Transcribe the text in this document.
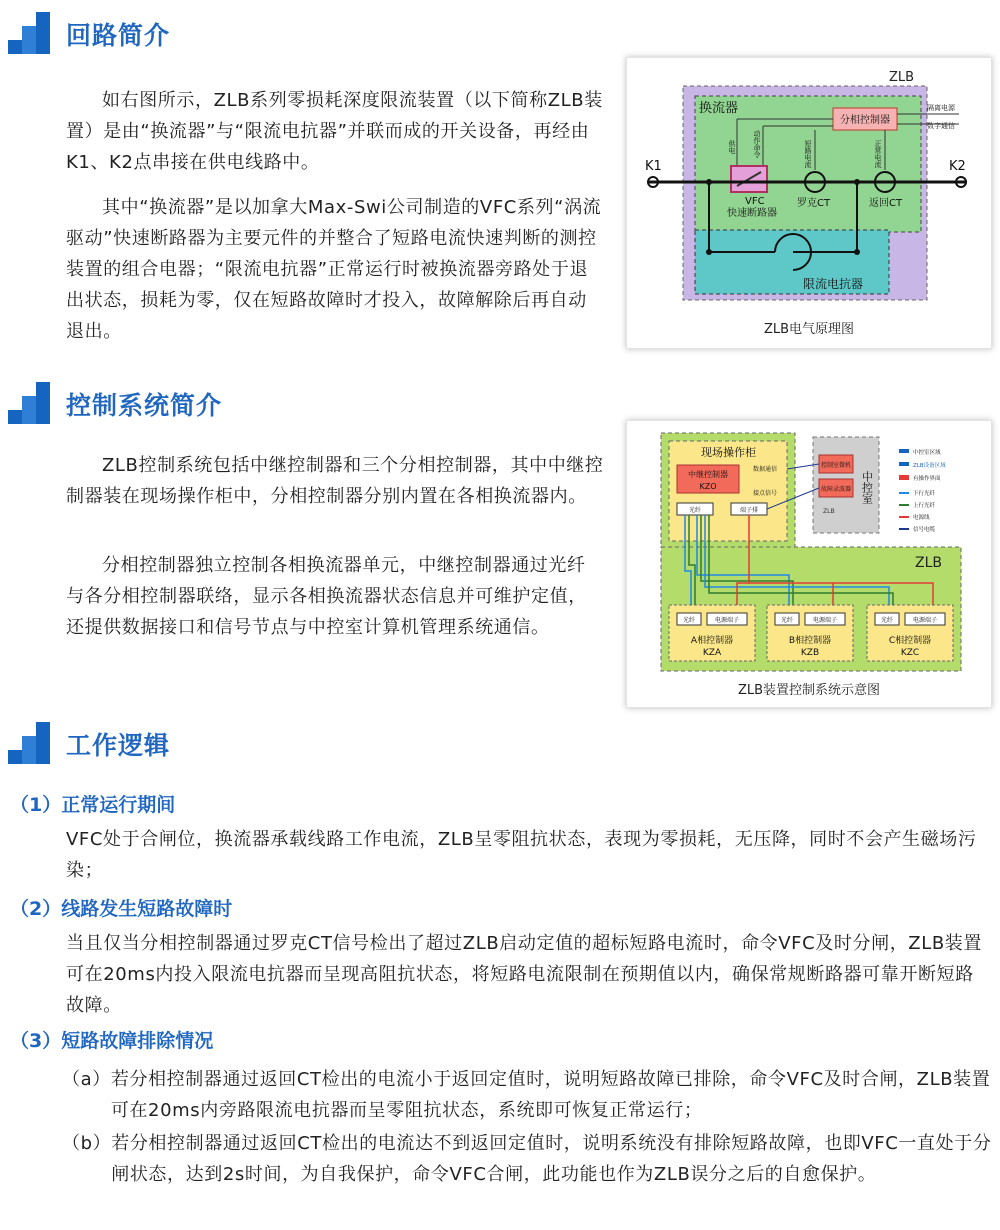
回路简介

如右图所示，ZLB系列零损耗深度限流装置（以下简称ZLB装置）是由“换流器”与“限流电抗器”并联而成的开关设备，再经由K1、K2点串接在供电线路中。

其中“换流器”是以加拿大Max-Swi公司制造的VFC系列“涡流驱动”快速断路器为主要元件的并整合了短路电流快速判断的测控装置的组合电器；“限流电抗器”正常运行时被换流器旁路处于退出状态，损耗为零，仅在短路故障时才投入，故障解除后再自动退出。

ZLB
换流器
分相控制器
隔离电源
数字通信
供电 动作命令	短路电流	正常电流
VFC
快速断路器
K1	K2
罗克CT	返回CT
限流电抗器
ZLB电气原理图
控制系统简介

ZLB控制系统包括中继控制器和三个分相控制器，其中中继控制器装在现场操作柜中，分相控制器分别内置在各相换流器内。

分相控制器独立控制各相换流器单元，中继控制器通过光纤与各分相控制器联络，显示各相换流器状态信息并可维护定值，还提供数据接口和信号节点与中控室计算机管理系统通信。

ZLB
现场操作柜
中继控制器
KZO
数据通信
接点信号
光纤	端子排
控制室微机
故障录波器 中控室
ZLB
中控室区域
ZLB设备区域
有操作界面
下行光纤
上行光纤
电源线
信号电缆
光纤	电源端子
A相控制器
KZA
光纤	电源端子
B相控制器
KZB
光纤	电源端子
C相控制器
KZC
ZLB装置控制系统示意图
工作逻辑
（1）正常运行期间

VFC处于合闸位，换流器承载线路工作电流，ZLB呈零阻抗状态，表现为零损耗，无压降，同时不会产生磁场污染；

（2）线路发生短路故障时

当且仅当分相控制器通过罗克CT信号检出了超过ZLB启动定值的超标短路电流时，命令VFC及时分闸，ZLB装置可在20ms内投入限流电抗器而呈现高阻抗状态，将短路电流限制在预期值以内，确保常规断路器可靠开断短路故障。

（3）短路故障排除情况
（a） 若分相控制器通过返回CT检出的电流小于返回定值时，说明短路故障已排除，命令VFC及时合闸，ZLB装置可在20ms内旁路限流电抗器而呈零阻抗状态，系统即可恢复正常运行；
（b） 若分相控制器通过返回CT检出的电流达不到返回定值时，说明系统没有排除短路故障，也即VFC一直处于分闸状态，达到2s时间，为自我保护，命令VFC合闸，此功能也作为ZLB误分之后的自愈保护。
